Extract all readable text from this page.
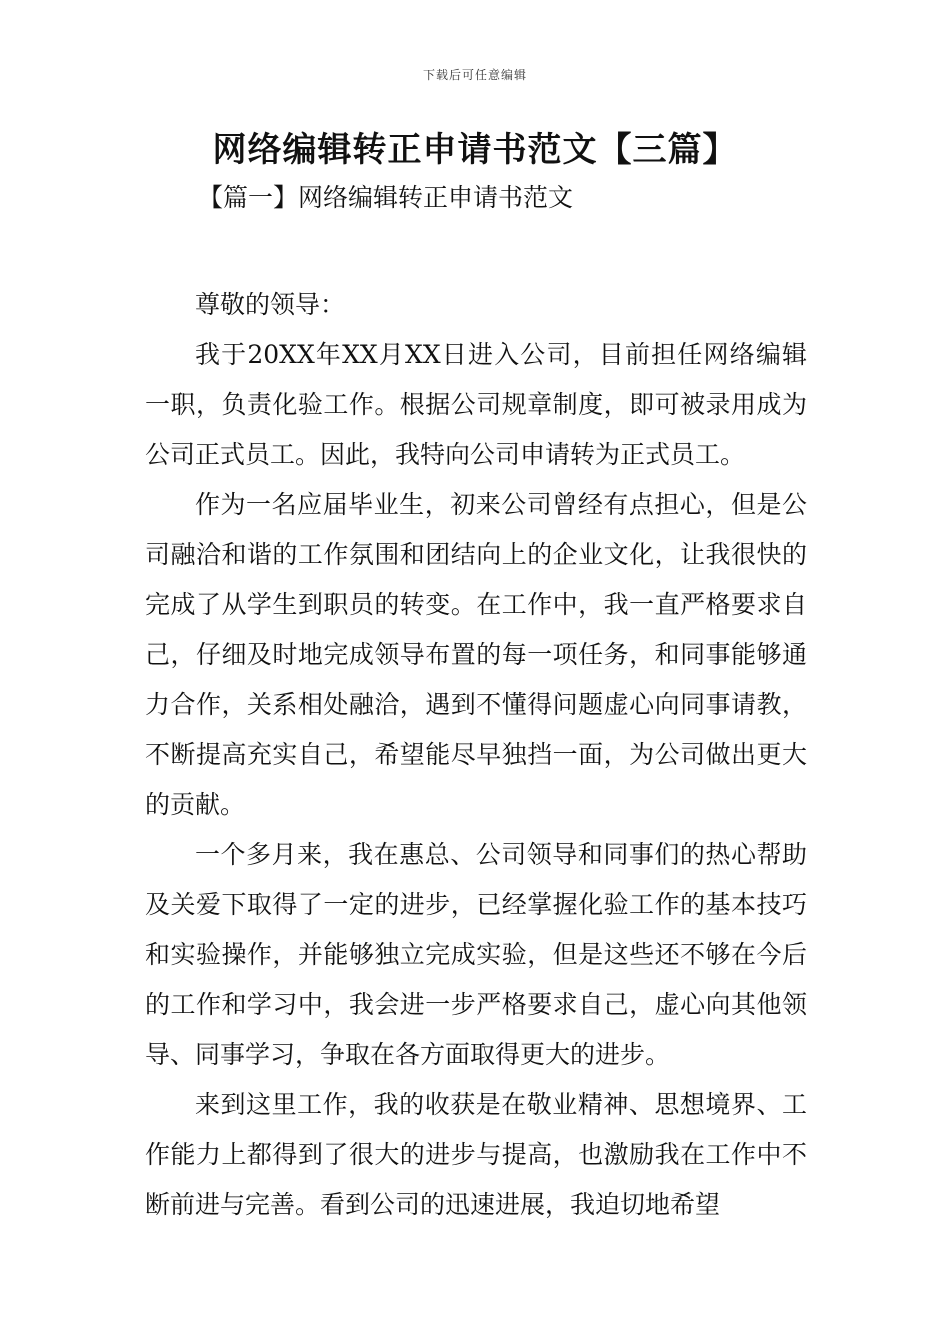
下载后可任意编辑
网络编辑转正申请书范文【三篇】
【篇一】网络编辑转正申请书范文

尊敬的领导：

我于20XX年XX月XX日进入公司，目前担任网络编辑一职，负责化验工作。根据公司规章制度，即可被录用成为公司正式员工。因此，我特向公司申请转为正式员工。

作为一名应届毕业生，初来公司曾经有点担心，但是公司融洽和谐的工作氛围和团结向上的企业文化，让我很快的完成了从学生到职员的转变。在工作中，我一直严格要求自己，仔细及时地完成领导布置的每一项任务，和同事能够通力合作，关系相处融洽，遇到不懂得问题虚心向同事请教，不断提高充实自己，希望能尽早独挡一面，为公司做出更大的贡献。

一个多月来，我在惠总、公司领导和同事们的热心帮助及关爱下取得了一定的进步，已经掌握化验工作的基本技巧和实验操作，并能够独立完成实验，但是这些还不够在今后的工作和学习中，我会进一步严格要求自己，虚心向其他领导、同事学习，争取在各方面取得更大的进步。

来到这里工作，我的收获是在敬业精神、思想境界、工作能力上都得到了很大的进步与提高，也激励我在工作中不断前进与完善。看到公司的迅速进展，我迫切地希望
